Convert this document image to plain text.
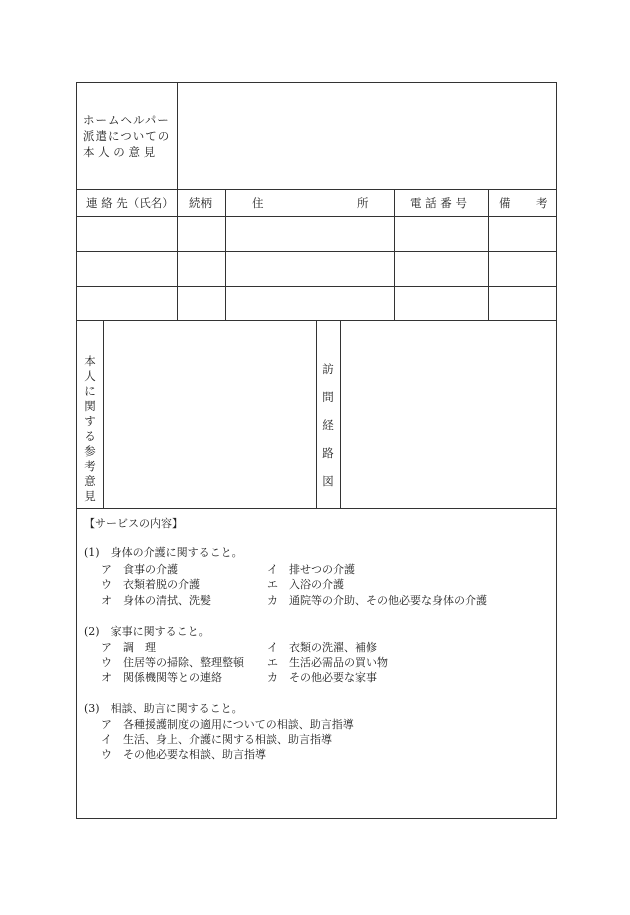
ホームヘルパー
派遣についての
本 人 の 意 見
連 絡 先（氏名） 続柄	住	所	電 話 番 号	備 考
本人に関する参考意見
訪問経路図
【サービスの内容】
(1)　身体の介護に関すること。
ア　食事の介護	イ　排せつの介護
ウ　衣類着脱の介護	エ　入浴の介護
オ　身体の清拭、洗髪	カ　通院等の介助、その他必要な身体の介護
(2)　家事に関すること。
ア　調　理	イ　衣類の洗濯、補修
ウ　住居等の掃除、整理整頓 エ　生活必需品の買い物
オ　関係機関等との連絡	カ　その他必要な家事
(3)　相談、助言に関すること。
ア　各種援護制度の適用についての相談、助言指導
イ　生活、身上、介護に関する相談、助言指導
ウ　その他必要な相談、助言指導
